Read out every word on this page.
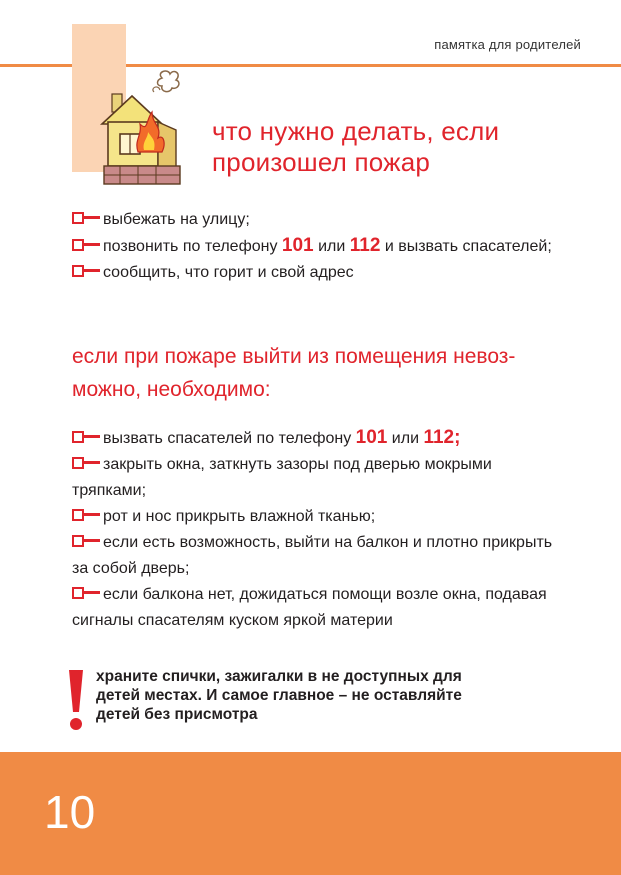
памятка для родителей
что нужно делать, если
произошел пожар

выбежать на улицу;

позвонить по телефону 101 или 112 и вызвать спасателей;

сообщить, что горит и свой адрес

если при пожаре выйти из помещения невоз-
можно, необходимо:

вызвать спасателей по телефону 101 или 112;

закрыть окна, заткнуть зазоры под дверью мокрыми тряпками;

рот и нос прикрыть влажной тканью;

если есть возможность, выйти на балкон и плотно прикрыть за собой дверь;

если балкона нет, дожидаться помощи возле окна, подавая сигналы спасателям куском яркой материи

храните спички, зажигалки в не доступных для
детей местах. И самое главное – не оставляйте
детей без присмотра
10
